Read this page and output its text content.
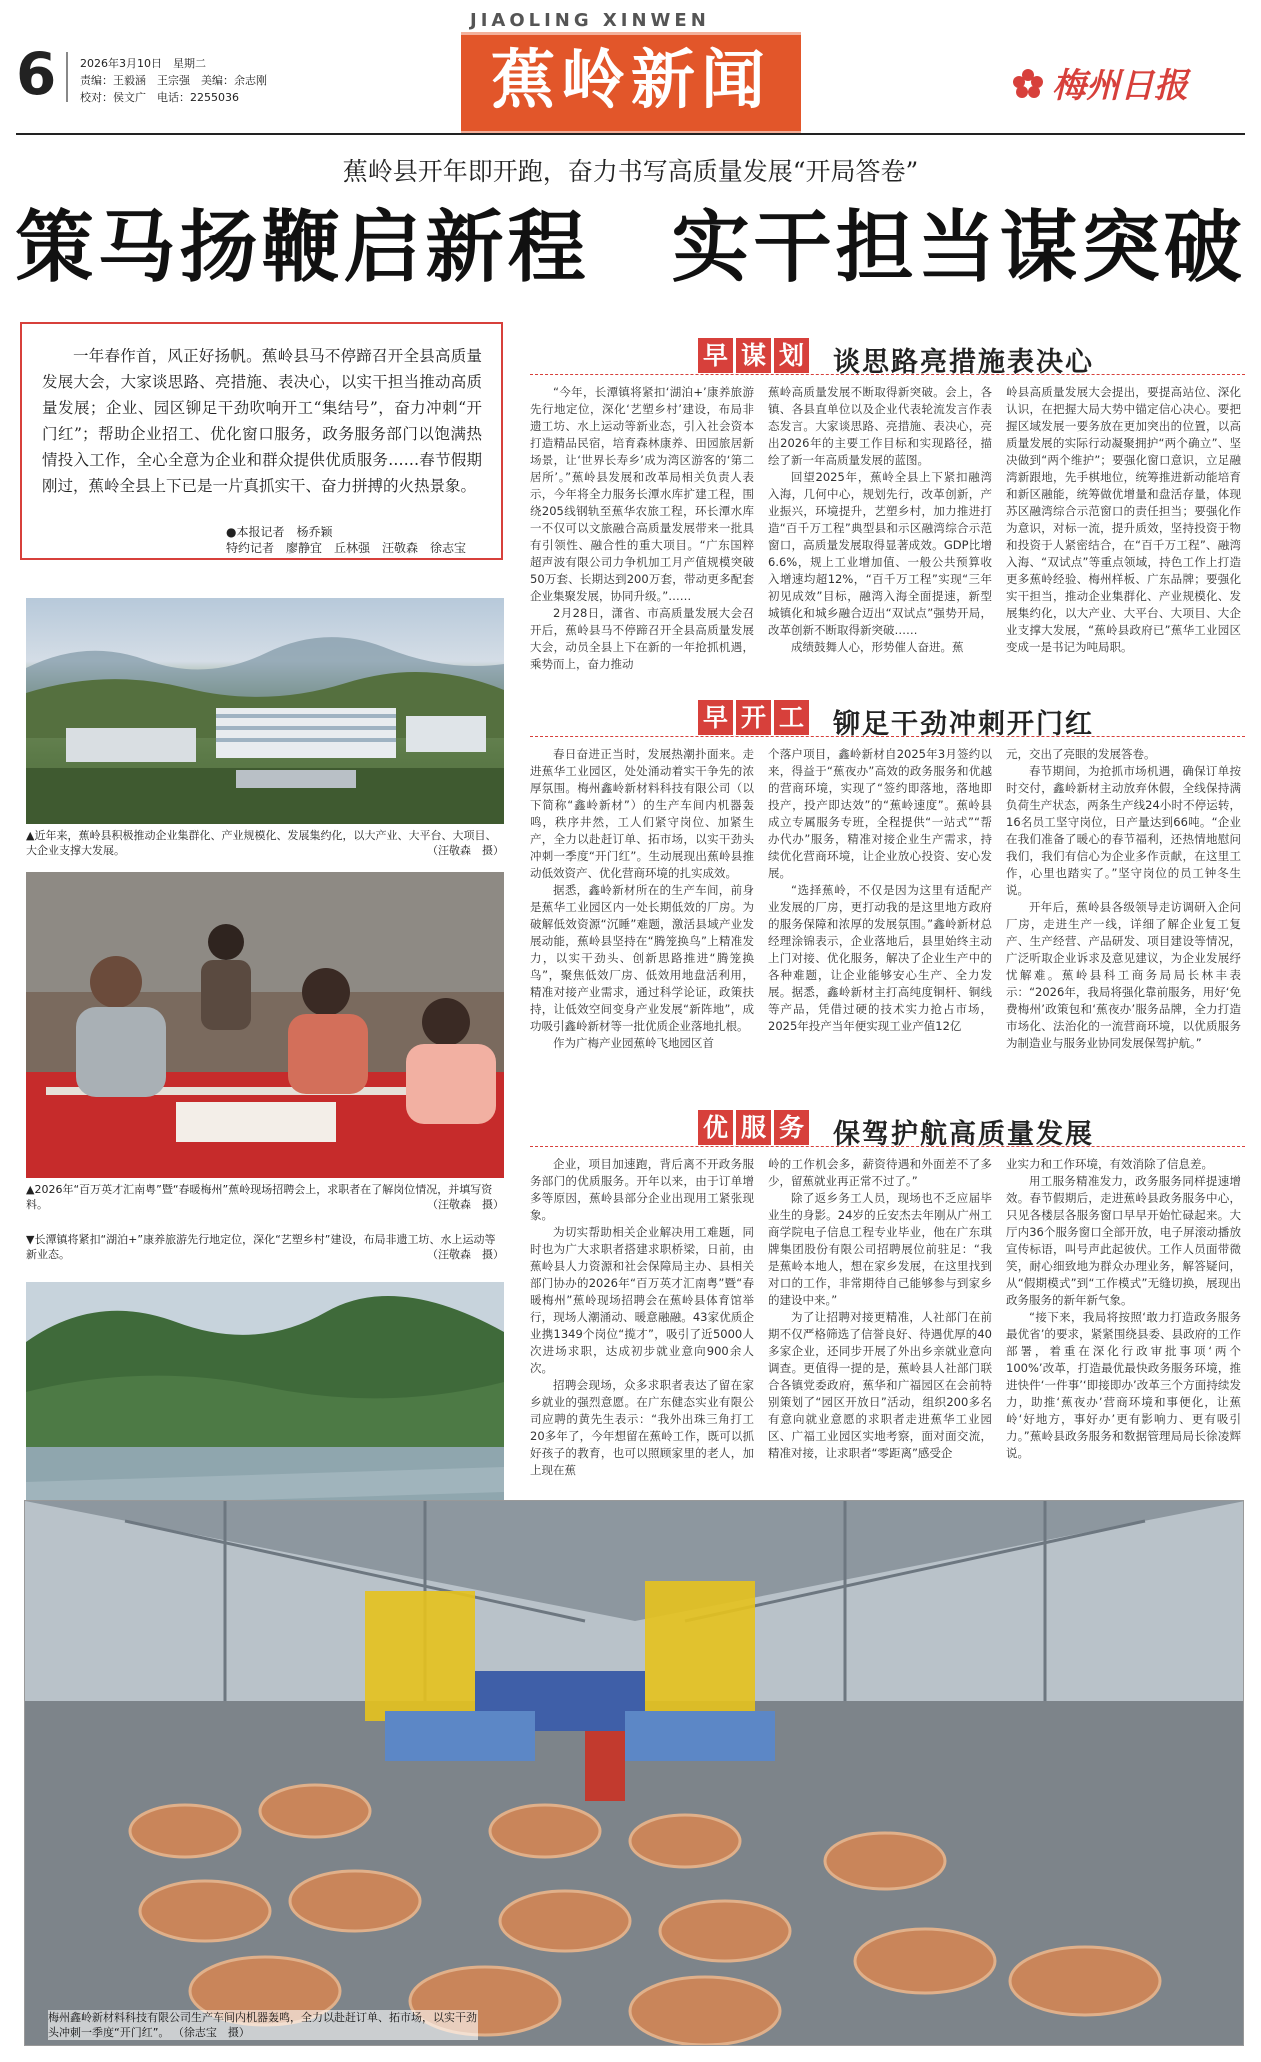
6 2026年3月10日　星期二
责编：王毅涵　王宗强　美编：余志刚
校对：侯文广　电话：2255036
JIAOLING XINWEN
蕉岭新闻	梅州日报
蕉岭县开年即开跑，奋力书写高质量发展“开局答卷”
策马扬鞭启新程　实干担当谋突破
一年春作首，风正好扬帆。蕉岭县马不停蹄召开全县高质量发展大会，大家谈思路、亮措施、表决心，以实干担当推动高质量发展；企业、园区铆足干劲吹响开工“集结号”，奋力冲刺“开门红”；帮助企业招工、优化窗口服务，政务服务部门以饱满热情投入工作，全心全意为企业和群众提供优质服务……春节假期刚过，蕉岭全县上下已是一片真抓实干、奋力拼搏的火热景象。
●本报记者　杨乔颖
特约记者　廖静宜　丘林强　汪敬森　徐志宝
▲近年来，蕉岭县积极推动企业集群化、产业规模化、发展集约化，以大产业、大平台、大项目、大企业支撑大发展。	（汪敬森　摄）
▲2026年“百万英才汇南粤”暨“春暖梅州”蕉岭现场招聘会上，求职者在了解岗位情况，并填写资料。	（汪敬森　摄）
▼长潭镇将紧扣“湖泊+”康养旅游先行地定位，深化“艺塑乡村”建设，布局非遗工坊、水上运动等新业态。	（汪敬森　摄）
早 谋 划 谈思路亮措施表决心

“今年，长潭镇将紧扣‘湖泊+’康养旅游先行地定位，深化‘艺塑乡村’建设，布局非遗工坊、水上运动等新业态，引入社会资本打造精品民宿，培育森林康养、田园旅居新场景，让‘世界长寿乡’成为湾区游客的‘第二居所’。”蕉岭县发展和改革局相关负责人表示，今年将全力服务长潭水库扩建工程，围绕205线钢轨至蕉华农旅工程，环长潭水库一不仅可以文旅融合高质量发展带来一批具有引领性、融合性的重大项目。“广东国粹超声波有限公司力争机加工月产值规模突破50万套、长期达到200万套，带动更多配套企业集聚发展，协同升级。”……

2月28日，潇省、市高质量发展大会召开后，蕉岭县马不停蹄召开全县高质量发展大会，动员全县上下在新的一年抢抓机遇，乘势而上，奋力推动

蕉岭高质量发展不断取得新突破。会上，各镇、各县直单位以及企业代表轮流发言作表态发言。大家谈思路、亮措施、表决心，亮出2026年的主要工作目标和实现路径，描绘了新一年高质量发展的蓝图。

回望2025年，蕉岭全县上下紧扣融湾入海，几何中心，规划先行，改革创新，产业振兴，环境提升，艺塑乡村，加力推进打造“百千万工程”典型县和示区融湾综合示范窗口，高质量发展取得显著成效。GDP比增6.6%，规上工业增加值、一般公共预算收入增速均超12%，“百千万工程”实现“三年初见成效”目标，融湾入海全面提速，新型城镇化和城乡融合迈出“双试点”强势开局，改革创新不断取得新突破……

成绩鼓舞人心，形势催人奋进。蕉

岭县高质量发展大会提出，要提高站位、深化认识，在把握大局大势中锚定信心决心。要把握区域发展一要务放在更加突出的位置，以高质量发展的实际行动凝聚拥护“两个确立”、坚决做到“两个维护”；要强化窗口意识，立足融湾新跟地，先手棋地位，统筹推进新动能培育和新区融能，统筹做优增量和盘活存量，体现苏区融湾综合示范窗口的责任担当；要强化作为意识，对标一流，提升质效，坚持投资于物和投资于人紧密结合，在“百千万工程”、融湾入海、“双试点”等重点领域，持色工作上打造更多蕉岭经验、梅州样板、广东品牌；要强化实干担当，推动企业集群化、产业规模化、发展集约化，以大产业、大平台、大项目、大企业支撑大发展，“蕉岭县政府已”蕉华工业园区变成一是书记为吨局职。

早 开 工 铆足干劲冲刺开门红

春日奋进正当时，发展热潮扑面来。走进蕉华工业园区，处处涌动着实干争先的浓厚氛围。梅州鑫岭新材料科技有限公司（以下简称“鑫岭新材”）的生产车间内机器轰鸣，秩序井然，工人们紧守岗位、加紧生产，全力以赴赶订单、拓市场，以实干劲头冲刺一季度“开门红”。生动展现出蕉岭县推动低效资产、优化营商环境的扎实成效。

据悉，鑫岭新材所在的生产车间，前身是蕉华工业园区内一处长期低效的厂房。为破解低效资源“沉睡”难题，激活县域产业发展动能，蕉岭县坚持在“腾笼换鸟”上精准发力，以实干劲头、创新思路推进“腾笼换鸟”，聚焦低效厂房、低效用地盘活利用，精准对接产业需求，通过科学论证，政策扶持，让低效空间变身产业发展“新阵地”，成功吸引鑫岭新材等一批优质企业落地扎根。

作为广梅产业园蕉岭飞地园区首

个落户项目，鑫岭新材自2025年3月签约以来，得益于“蕉夜办”高效的政务服务和优越的营商环境，实现了“签约即落地，落地即投产，投产即达效”的“蕉岭速度”。蕉岭县成立专属服务专班，全程提供“一站式”“帮办代办”服务，精准对接企业生产需求，持续优化营商环境，让企业放心投资、安心发展。

“选择蕉岭，不仅是因为这里有适配产业发展的厂房，更打动我的是这里地方政府的服务保障和浓厚的发展氛围。”鑫岭新材总经理涂锦表示，企业落地后，县里始终主动上门对接、优化服务，解决了企业生产中的各种难题，让企业能够安心生产、全力发展。据悉，鑫岭新材主打高纯度铜杆、铜线等产品，凭借过硬的技术实力抢占市场，2025年投产当年便实现工业产值12亿

元，交出了亮眼的发展答卷。

春节期间，为抢抓市场机遇，确保订单按时交付，鑫岭新材主动放弃休假，全线保持满负荷生产状态，两条生产线24小时不停运转，16名员工坚守岗位，日产量达到66吨。“企业在我们准备了暖心的春节福利，还热情地慰问我们，我们有信心为企业多作贡献，在这里工作，心里也踏实了。”坚守岗位的员工钟冬生说。

开年后，蕉岭县各级领导走访调研入企问厂房，走进生产一线，详细了解企业复工复产、生产经营、产品研发、项目建设等情况，广泛听取企业诉求及意见建议，为企业发展纾忧解难。蕉岭县科工商务局局长林丰表示：“2026年，我局将强化靠前服务，用好‘免费梅州’政策包和‘蕉夜办’服务品牌，全力打造市场化、法治化的一流营商环境，以优质服务为制造业与服务业协同发展保驾护航。”

优 服 务 保驾护航高质量发展

企业，项目加速跑，背后离不开政务服务部门的优质服务。开年以来，由于订单增多等原因，蕉岭县部分企业出现用工紧张现象。

为切实帮助相关企业解决用工难题，同时也为广大求职者搭建求职桥梁，日前，由蕉岭县人力资源和社会保障局主办、县相关部门协办的2026年“百万英才汇南粤”暨“春暖梅州”蕉岭现场招聘会在蕉岭县体育馆举行，现场人潮涌动、暖意融融。43家优质企业携1349个岗位“揽才”，吸引了近5000人次进场求职，达成初步就业意向900余人次。

招聘会现场，众多求职者表达了留在家乡就业的强烈意愿。在广东健态实业有限公司应聘的黄先生表示：“我外出珠三角打工20多年了，今年想留在蕉岭工作，既可以抓好孩子的教育，也可以照顾家里的老人，加上现在蕉

岭的工作机会多，薪资待遇和外面差不了多少，留蕉就业再正常不过了。”

除了返乡务工人员，现场也不乏应届毕业生的身影。24岁的丘安杰去年刚从广州工商学院电子信息工程专业毕业，他在广东琪牌集团股份有限公司招聘展位前驻足：“我是蕉岭本地人，想在家乡发展，在这里找到对口的工作，非常期待自己能够参与到家乡的建设中来。”

为了让招聘对接更精准，人社部门在前期不仅严格筛选了信誉良好、待遇优厚的40多家企业，还同步开展了外出乡亲就业意向调查。更值得一提的是，蕉岭县人社部门联合各镇党委政府，蕉华和广福园区在会前特别策划了“园区开放日”活动，组织200多名有意向就业意愿的求职者走进蕉华工业园区、广福工业园区实地考察，面对面交流，精准对接，让求职者“零距离”感受企

业实力和工作环境，有效消除了信息差。

用工服务精准发力，政务服务同样提速增效。春节假期后，走进蕉岭县政务服务中心，只见各楼层各服务窗口早早开始忙碌起来。大厅内36个服务窗口全部开放，电子屏滚动播放宣传标语，叫号声此起彼伏。工作人员面带微笑，耐心细致地为群众办理业务，解答疑问，从“假期模式”到“工作模式”无缝切换，展现出政务服务的新年新气象。

“接下来，我局将按照‘敢力打造政务服务最优省’的要求，紧紧围绕县委、县政府的工作部署，着重在深化行政审批事项‘两个100%’改革，打造最优最快政务服务环境，推进快件‘一件事’‘即接即办’改革三个方面持续发力，助推‘蕉夜办’营商环境和事便化，让蕉岭‘好地方，事好办’更有影响力、更有吸引力。”蕉岭县政务服务和数据管理局局长徐凌辉说。

梅州鑫岭新材料科技有限公司生产车间内机器轰鸣，全力以赴赶订单、拓市场，以实干劲头冲刺一季度“开门红”。 （徐志宝　摄）
